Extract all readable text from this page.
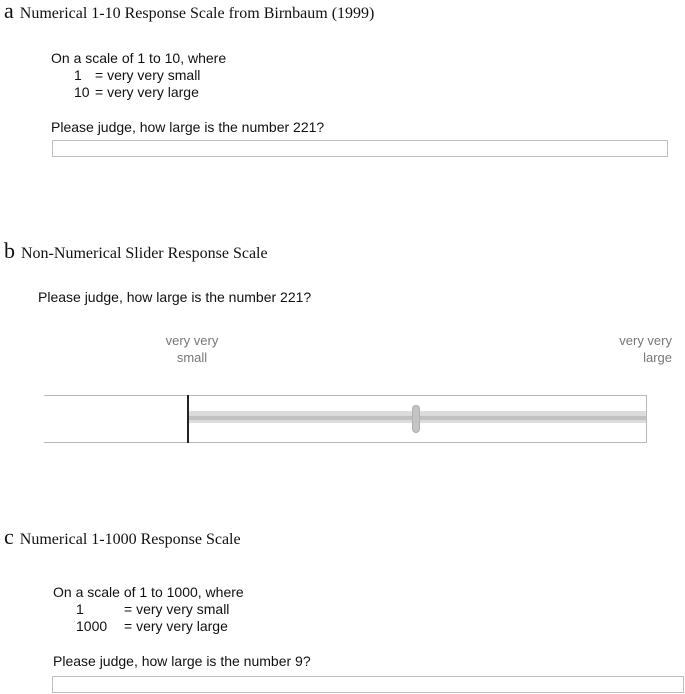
a Numerical 1-10 Response Scale from Birnbaum (1999)
On a scale of 1 to 10, where
1 = very very small
10 = very very large
Please judge, how large is the number 221?
b Non-Numerical Slider Response Scale
Please judge, how large is the number 221?
very very
small
very very
large
c Numerical 1-1000 Response Scale
On a scale of 1 to 1000, where
1	= very very small
1000 = very very large
Please judge, how large is the number 9?
